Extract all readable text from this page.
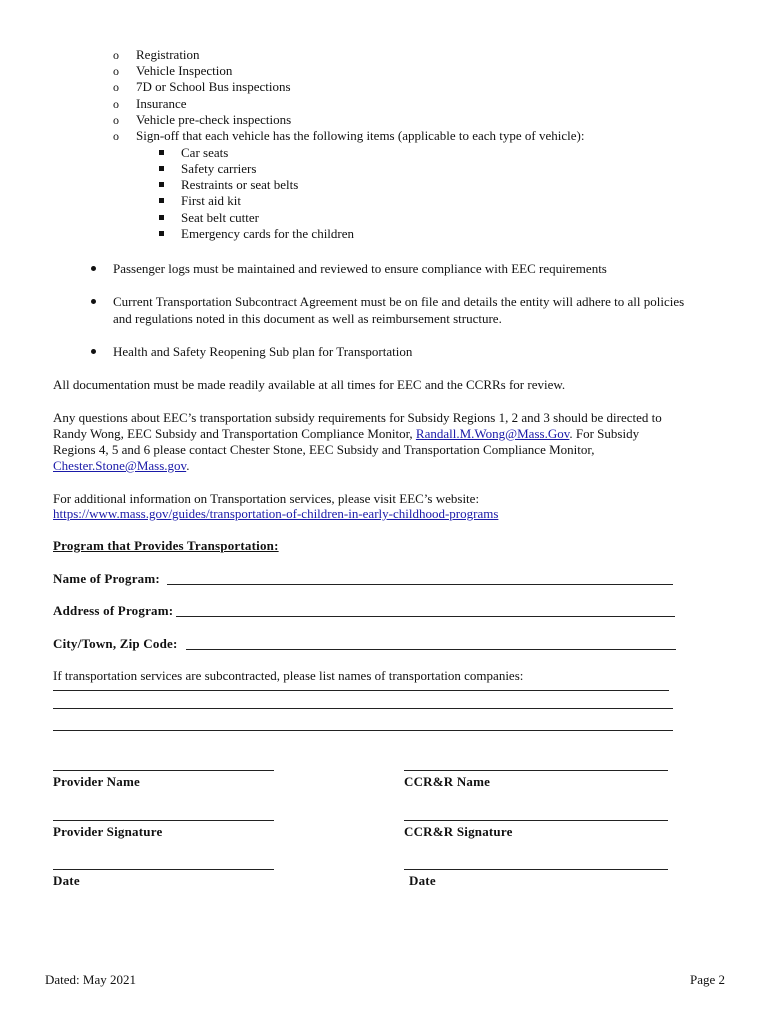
o Registration
o Vehicle Inspection
o 7D or School Bus inspections
o Insurance
o Vehicle pre-check inspections
o Sign-off that each vehicle has the following items (applicable to each type of vehicle):
Car seats
Safety carriers
Restraints or seat belts
First aid kit
Seat belt cutter
Emergency cards for the children
Passenger logs must be maintained and reviewed to ensure compliance with EEC requirements
Current Transportation Subcontract Agreement must be on file and details the entity will adhere to all policies
and regulations noted in this document as well as reimbursement structure.
Health and Safety Reopening Sub plan for Transportation
All documentation must be made readily available at all times for EEC and the CCRRs for review.
Any questions about EEC’s transportation subsidy requirements for Subsidy Regions 1, 2 and 3 should be directed to
Randy Wong, EEC Subsidy and Transportation Compliance Monitor, Randall.M.Wong@Mass.Gov. For Subsidy
Regions 4, 5 and 6 please contact Chester Stone, EEC Subsidy and Transportation Compliance Monitor,
Chester.Stone@Mass.gov.
For additional information on Transportation services, please visit EEC’s website:
https://www.mass.gov/guides/transportation-of-children-in-early-childhood-programs
Program that Provides Transportation:
Name of Program:
Address of Program:
City/Town, Zip Code:
If transportation services are subcontracted, please list names of transportation companies:
Provider Name	CCR&R Name
Provider Signature	CCR&R Signature
Date	Date
Dated: May 2021	Page 2
